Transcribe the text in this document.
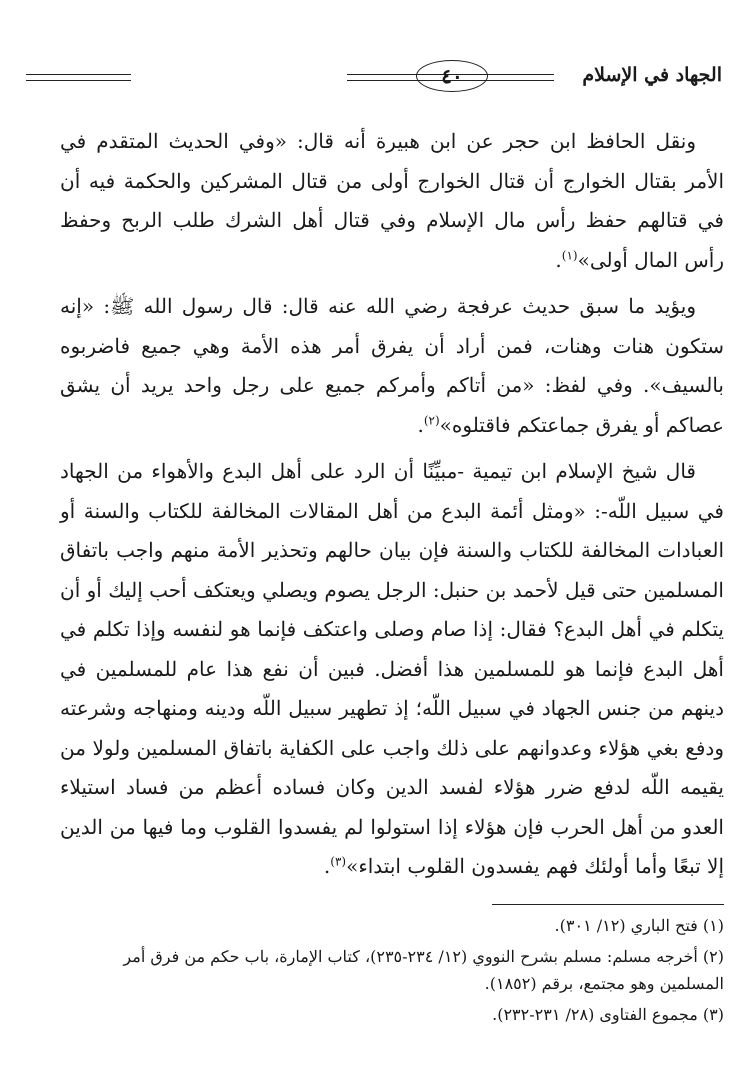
الجهاد في الإسلام
٤٠

ونقل الحافظ ابن حجر عن ابن هبيرة أنه قال: «وفي الحديث المتقدم في الأمر بقتال الخوارج أن قتال الخوارج أولى من قتال المشركين والحكمة فيه أن في قتالهم حفظ رأس مال الإسلام وفي قتال أهل الشرك طلب الربح وحفظ رأس المال أولى»$^{(١)}$.

ويؤيد ما سبق حديث عرفجة رضي الله عنه قال: قال رسول الله ﷺ: «إنه ستكون هنات وهنات، فمن أراد أن يفرق أمر هذه الأمة وهي جميع فاضربوه بالسيف». وفي لفظ: «من أتاكم وأمركم جميع على رجل واحد يريد أن يشق عصاكم أو يفرق جماعتكم فاقتلوه»$^{(٢)}$.

قال شيخ الإسلام ابن تيمية -مبيِّنًا أن الرد على أهل البدع والأهواء من الجهاد في سبيل اللّه-: «ومثل أئمة البدع من أهل المقالات المخالفة للكتاب والسنة أو العبادات المخالفة للكتاب والسنة فإن بيان حالهم وتحذير الأمة منهم واجب باتفاق المسلمين حتى قيل لأحمد بن حنبل: الرجل يصوم ويصلي ويعتكف أحب إليك أو أن يتكلم في أهل البدع؟ فقال: إذا صام وصلى واعتكف فإنما هو لنفسه وإذا تكلم في أهل البدع فإنما هو للمسلمين هذا أفضل. فبين أن نفع هذا عام للمسلمين في دينهم من جنس الجهاد في سبيل اللّه؛ إذ تطهير سبيل اللّه ودينه ومنهاجه وشرعته ودفع بغي هؤلاء وعدوانهم على ذلك واجب على الكفاية باتفاق المسلمين ولولا من يقيمه اللّه لدفع ضرر هؤلاء لفسد الدين وكان فساده أعظم من فساد استيلاء العدو من أهل الحرب فإن هؤلاء إذا استولوا لم يفسدوا القلوب وما فيها من الدين إلا تبعًا وأما أولئك فهم يفسدون القلوب ابتداء»$^{(٣)}$.

(١) فتح الباري (١٢/ ٣٠١).

(٢) أخرجه مسلم: مسلم بشرح النووي (١٢/ ٢٣٤-٢٣٥)، كتاب الإمارة، باب حكم من فرق أمر المسلمين وهو مجتمع، برقم (١٨٥٢).

(٣) مجموع الفتاوى (٢٨/ ٢٣١-٢٣٢).
